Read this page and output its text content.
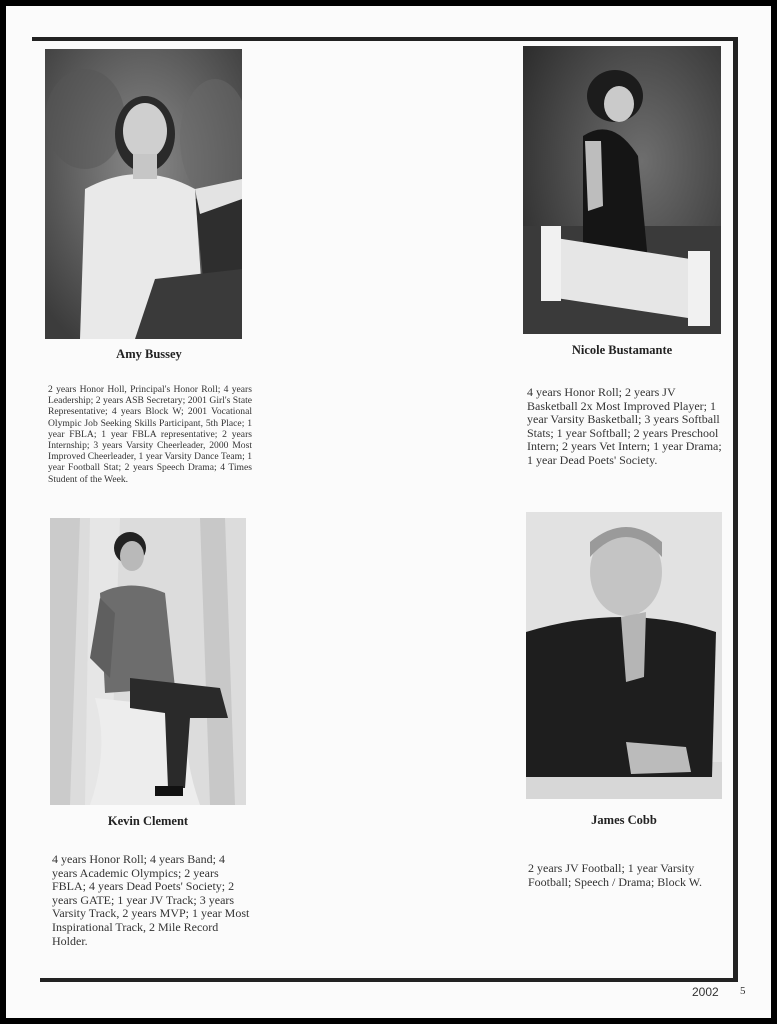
Amy Bussey
2 years Honor Holl, Principal's Honor Roll; 4 years Leadership; 2 years ASB Secretary; 2001 Girl's State Representative; 4 years Block W; 2001 Vocational Olympic Job Seeking Skills Participant, 5th Place; 1 year FBLA; 1 year FBLA representative; 2 years Internship; 3 years Varsity Cheerleader, 2000 Most Improved Cheerleader, 1 year Varsity Dance Team; 1 year Football Stat; 2 years Speech Drama; 4 Times Student of the Week.
Nicole Bustamante
4 years Honor Roll; 2 years JV Basketball 2x Most Improved Player; 1 year Varsity Basketball; 3 years Softball Stats; 1 year Softball; 2 years Preschool Intern; 2 years Vet Intern; 1 year Drama; 1 year Dead Poets' Society.
Kevin Clement
4 years Honor Roll; 4 years Band; 4 years Academic Olympics; 2 years FBLA; 4 years Dead Poets' Society; 2 years GATE; 1 year JV Track; 3 years Varsity Track, 2 years MVP; 1 year Most Inspirational Track, 2 Mile Record Holder.
James Cobb
2 years JV Football; 1 year Varsity Football; Speech / Drama; Block W.
2002 5
